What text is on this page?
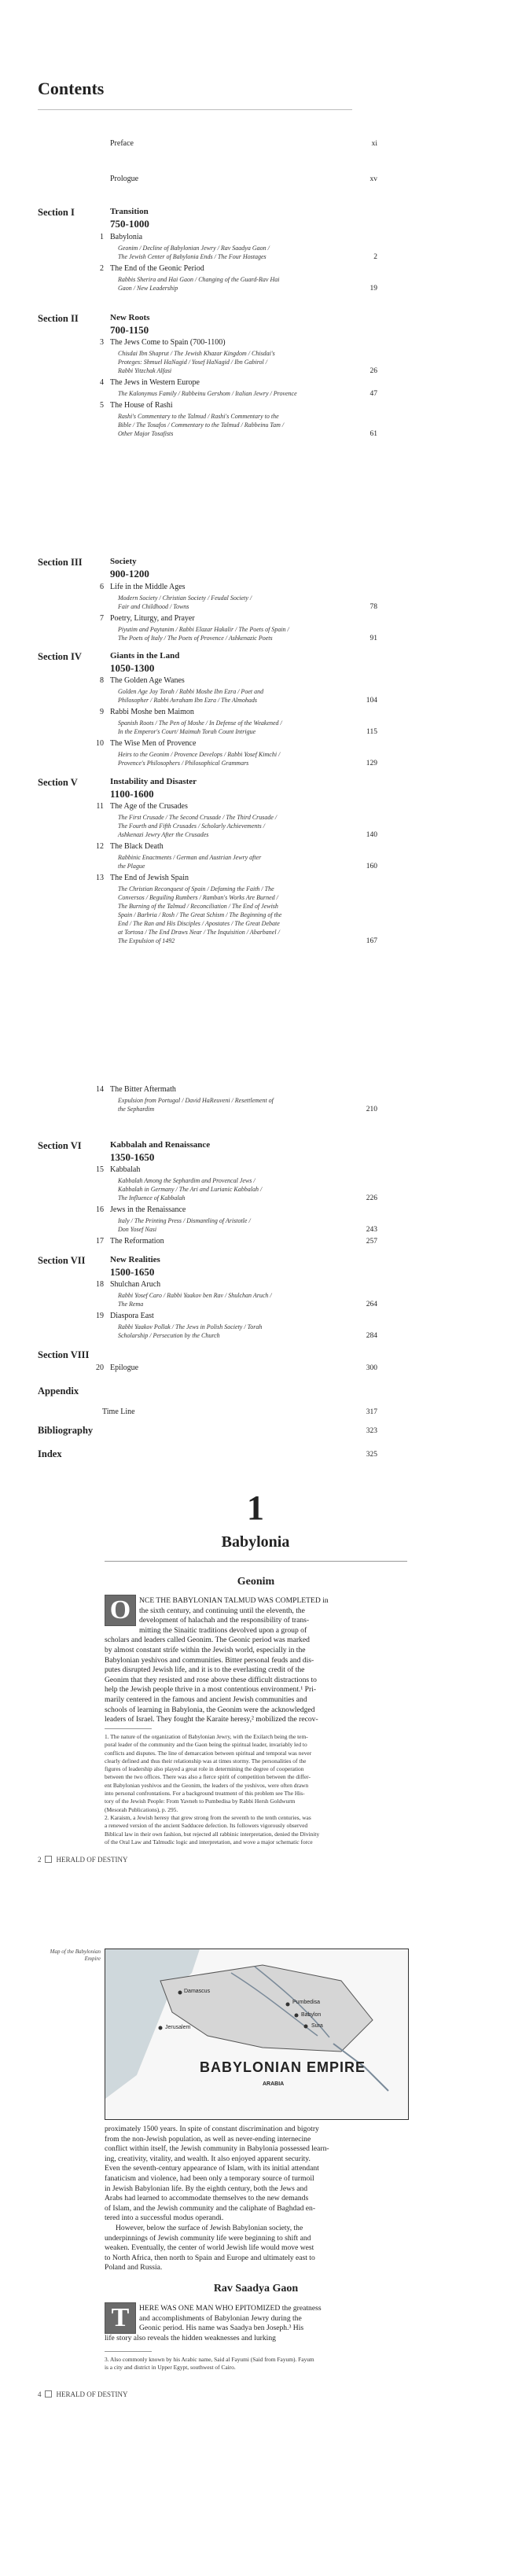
Contents
Preface	xi
Prologue	xv
Section I	Transition
750-1000
1 Babylonia
Geonim / Decline of Babylonian Jewry / Rav Saadya Gaon /
The Jewish Center of Babylonia Ends / The Four Hostages	2
2 The End of the Geonic Period
Rabbis Sherira and Hai Gaon / Changing of the Guard-Rav Hai
Gaon / New Leadership	19
Section II	New Roots
700-1150
3 The Jews Come to Spain (700-1100)
Chisdai Ibn Shaprut / The Jewish Khazar Kingdom / Chisdai's
Proteges: Shmuel HaNagid / Yosef HaNagid / Ibn Gabirol /
Rabbi Yitzchak Alfasi	26
4 The Jews in Western Europe
The Kalonymus Family / Rabbeinu Gershom / Italian Jewry / Provence	47
5 The House of Rashi
Rashi's Commentary to the Talmud / Rashi's Commentary to the
Bible / The Tosafos / Commentary to the Talmud / Rabbeinu Tam /
Other Major Tosafists	61
Section III	Society
900-1200
6 Life in the Middle Ages
Modern Society / Christian Society / Feudal Society /
Fair and Childhood / Towns	78
7 Poetry, Liturgy, and Prayer
Piyutim and Paytanim / Rabbi Elazar Hakalir / The Poets of Spain /
The Poets of Italy / The Poets of Provence / Ashkenazic Poets	91
Section IV	Giants in the Land
1050-1300
8 The Golden Age Wanes
Golden Age Joy Torah / Rabbi Moshe Ibn Ezra / Poet and
Philosopher / Rabbi Avraham Ibn Ezra / The Almohads	104
9 Rabbi Moshe ben Maimon
Spanish Roots / The Pen of Moshe / In Defense of the Weakened /
In the Emperor's Court/ Maimuh Torah Count Intrigue	115
10 The Wise Men of Provence
Heirs to the Geonim / Provence Develops / Rabbi Yosef Kimchi /
Provence's Philosophers / Philosophical Grammars	129
Section V	Instability and Disaster
1100-1600
11 The Age of the Crusades
The First Crusade / The Second Crusade / The Third Crusade /
The Fourth and Fifth Crusades / Scholarly Achievements /
Ashkenazi Jewry After the Crusades	140
12 The Black Death
Rabbinic Enactments / German and Austrian Jewry after
the Plague	160
13 The End of Jewish Spain
The Christian Reconquest of Spain / Defaming the Faith / The
Conversos / Beguiling Rumbers / Ramban's Works Are Burned /
The Burning of the Talmud / Reconciliation / The End of Jewish
Spain / Barbria / Rosh / The Great Schism / The Beginning of the
End / The Ran and His Disciples / Apostates / The Great Debate
at Tortosa / The End Draws Near / The Inquisition / Abarbanel /
The Expulsion of 1492	167
14 The Bitter Aftermath
Expulsion from Portugal / David HaReuveni / Resettlement of
the Sephardim	210
Section VI	Kabbalah and Renaissance
1350-1650
15 Kabbalah
Kabbalah Among the Sephardim and Provencal Jews /
Kabbalah in Germany / The Ari and Lurianic Kabbalah /
The Influence of Kabbalah	226
16 Jews in the Renaissance
Italy / The Printing Press / Dismantling of Aristotle /
Don Yosef Nasi	243
17 The Reformation	257
Section VII	New Realities
1500-1650
18 Shulchan Aruch
Rabbi Yosef Caro / Rabbi Yaakov ben Rav / Shulchan Aruch /
The Rema	264
19 Diaspora East
Rabbi Yaakov Pollak / The Jews in Polish Society / Torah
Scholarship / Persecution by the Church	284
Section VIII
20 Epilogue	300
Appendix
Time Line	317
Bibliography	323
Index	325
1
Babylonia
Geonim
O	NCE THE BABYLONIAN TALMUD WAS COMPLETED in
the sixth century, and continuing until the eleventh, the
development of halachah and the responsibility of trans-
mitting the Sinaitic traditions devolved upon a group of
scholars and leaders called Geonim. The Geonic period was marked
by almost constant strife within the Jewish world, especially in the
Babylonian yeshivos and communities. Bitter personal feuds and dis-
putes disrupted Jewish life, and it is to the everlasting credit of the
Geonim that they resisted and rose above these difficult distractions to
help the Jewish people thrive in a most contentious environment.¹ Pri-
marily centered in the famous and ancient Jewish communities and
schools of learning in Babylonia, the Geonim were the acknowledged
leaders of Israel. They fought the Karaite heresy,² mobilized the recov-
1. The nature of the organization of Babylonian Jewry, with the Exilarch being the tem-
poral leader of the community and the Gaon being the spiritual leader, invariably led to
conflicts and disputes. The line of demarcation between spiritual and temporal was never
clearly defined and thus their relationship was at times stormy. The personalities of the
figures of leadership also played a great role in determining the degree of cooperation
between the two offices. There was also a fierce spirit of competition between the differ-
ent Babylonian yeshivos and the Geonim, the leaders of the yeshivos, were often drawn
into personal confrontations. For a background treatment of this problem see The His-
tory of the Jewish People: From Yavneh to Pumbedisa by Rabbi Hersh Goldwurm
(Mesorah Publications), p. 295.
2. Karaism, a Jewish heresy that grew strong from the seventh to the tenth centuries, was
a renewed version of the ancient Sadducee defection. Its followers vigorously observed
Biblical law in their own fashion, but rejected all rabbinic interpretation, denied the Divinity
of the Oral Law and Talmudic logic and interpretation, and wove a major schematic force
2 HERALD OF DESTINY
Map of the Babylonian
Empire
Damascus
Sura
Pumbedisa
Babylon
Jerusalem
BABYLONIAN EMPIRE
ARABIA
proximately 1500 years. In spite of constant discrimination and bigotry
from the non-Jewish population, as well as never-ending internecine
conflict within itself, the Jewish community in Babylonia possessed learn-
ing, creativity, vitality, and wealth. It also enjoyed apparent security.
Even the seventh-century appearance of Islam, with its initial attendant
fanaticism and violence, had been only a temporary source of turmoil
in Jewish Babylonian life. By the eighth century, both the Jews and
Arabs had learned to accommodate themselves to the new demands
of Islam, and the Jewish community and the caliphate of Baghdad en-
tered into a successful modus operandi.
However, below the surface of Jewish Babylonian society, the
underpinnings of Jewish community life were beginning to shift and
weaken. Eventually, the center of world Jewish life would move west
to North Africa, then north to Spain and Europe and ultimately east to
Poland and Russia.
Rav Saadya Gaon
T	HERE WAS ONE MAN WHO EPITOMIZED the greatness
and accomplishments of Babylonian Jewry during the
Geonic period. His name was Saadya ben Joseph.³ His
life story also reveals the hidden weaknesses and lurking
3. Also commonly known by his Arabic name, Said al Fayumi (Said from Fayum). Fayum
is a city and district in Upper Egypt, southwest of Cairo.
4 HERALD OF DESTINY
